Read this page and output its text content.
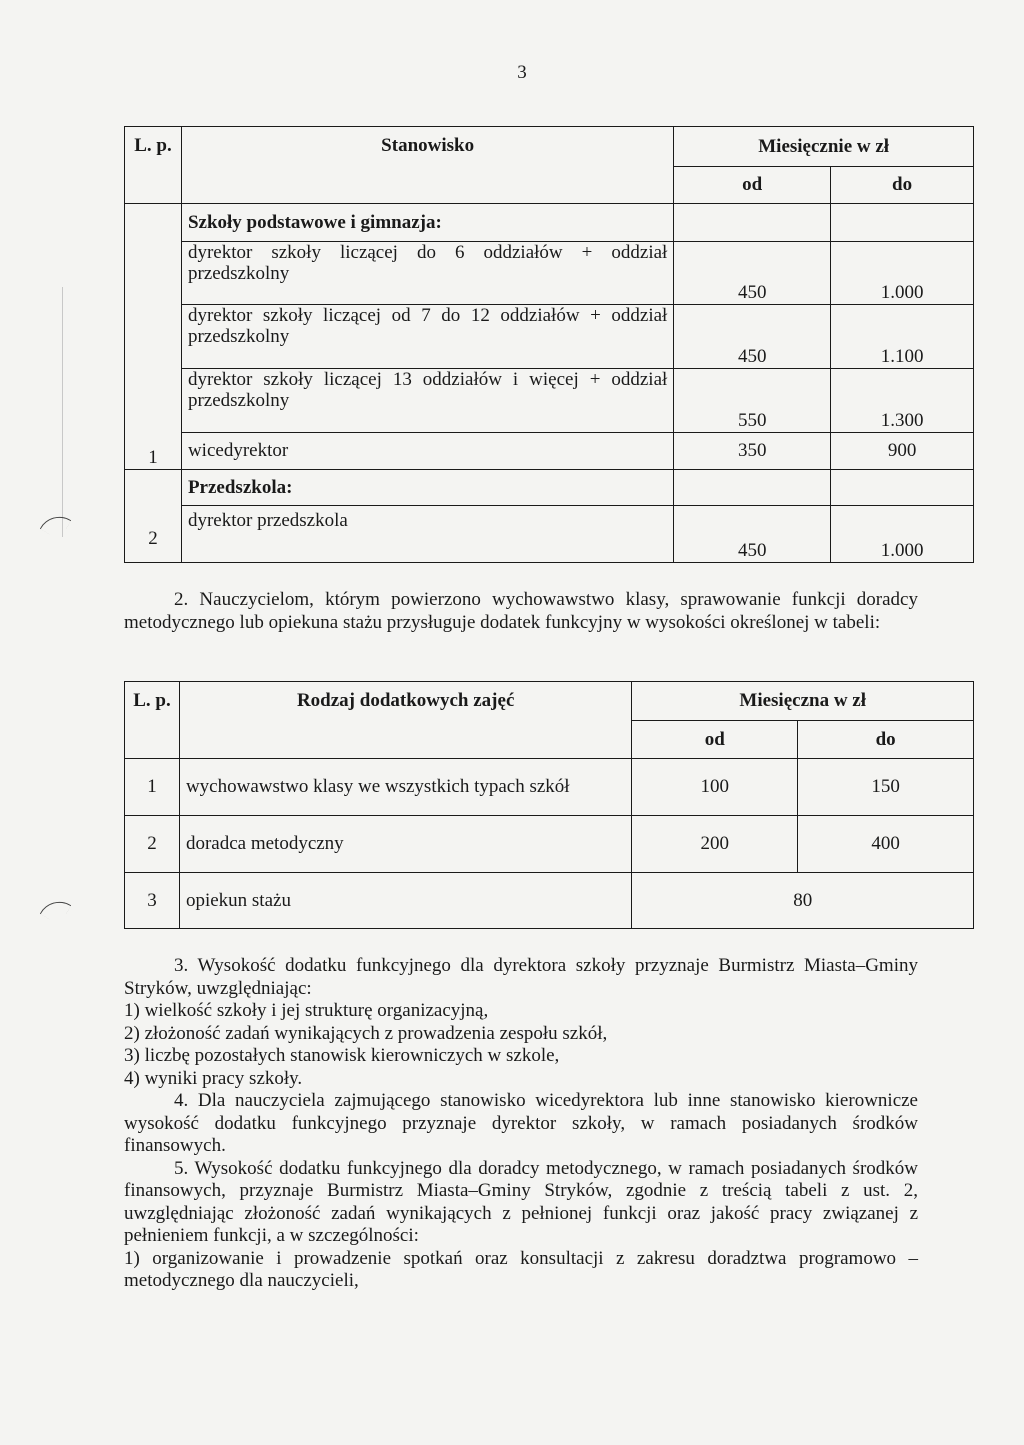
3
L. p.	Stanowisko	Miesięcznie w zł	
		od	do
1	Szkoły podstawowe i gimnazja:		
	dyrektor szkoły liczącej do 6 oddziałów + oddział przedszkolny	450	1.000
	dyrektor szkoły liczącej od 7 do 12 oddziałów + oddział przedszkolny	450	1.100
	dyrektor szkoły liczącej 13 oddziałów i więcej + oddział przedszkolny	550	1.300
	wicedyrektor	350	900
2	Przedszkola:		
	dyrektor przedszkola	450	1.000

2. Nauczycielom, którym powierzono wychowawstwo klasy, sprawowanie funkcji doradcy metodycznego lub opiekuna stażu przysługuje dodatek funkcyjny w wysokości określonej w tabeli:

L. p.	Rodzaj dodatkowych zajęć	Miesięczna w zł	
		od	do
1	wychowawstwo klasy we wszystkich typach szkół	100	150
2	doradca metodyczny	200	400
3	opiekun stażu	80	

3. Wysokość dodatku funkcyjnego dla dyrektora szkoły przyznaje Burmistrz Miasta–Gminy Stryków, uwzględniając:

1) wielkość szkoły i jej strukturę organizacyjną,

2) złożoność zadań wynikających z prowadzenia zespołu szkół,

3) liczbę pozostałych stanowisk kierowniczych w szkole,

4) wyniki pracy szkoły.

4. Dla nauczyciela zajmującego stanowisko wicedyrektora lub inne stanowisko kierownicze wysokość dodatku funkcyjnego przyznaje dyrektor szkoły, w ramach posiadanych środków finansowych.

5. Wysokość dodatku funkcyjnego dla doradcy metodycznego, w ramach posiadanych środków finansowych, przyznaje Burmistrz Miasta–Gminy Stryków, zgodnie z treścią tabeli z ust. 2, uwzględniając złożoność zadań wynikających z pełnionej funkcji oraz jakość pracy związanej z pełnieniem funkcji, a w szczególności:

1) organizowanie i prowadzenie spotkań oraz konsultacji z zakresu doradztwa programowo – metodycznego dla nauczycieli,
